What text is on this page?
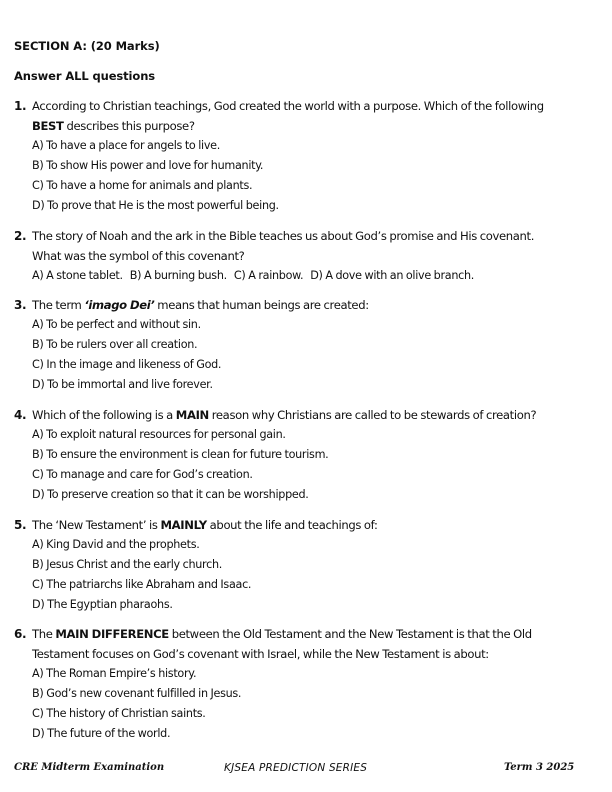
SECTION A: (20 Marks)
Answer ALL questions
1. According to Christian teachings, God created the world with a purpose. Which of the following
BEST describes this purpose?
A) To have a place for angels to live.
B) To show His power and love for humanity.
C) To have a home for animals and plants.
D) To prove that He is the most powerful being.
2. The story of Noah and the ark in the Bible teaches us about God’s promise and His covenant.
What was the symbol of this covenant?
A) A stone tablet. B) A burning bush. C) A rainbow. D) A dove with an olive branch.
3. The term ‘imago Dei’ means that human beings are created:
A) To be perfect and without sin.
B) To be rulers over all creation.
C) In the image and likeness of God.
D) To be immortal and live forever.
4. Which of the following is a MAIN reason why Christians are called to be stewards of creation?
A) To exploit natural resources for personal gain.
B) To ensure the environment is clean for future tourism.
C) To manage and care for God’s creation.
D) To preserve creation so that it can be worshipped.
5. The ‘New Testament’ is MAINLY about the life and teachings of:
A) King David and the prophets.
B) Jesus Christ and the early church.
C) The patriarchs like Abraham and Isaac.
D) The Egyptian pharaohs.
6. The MAIN DIFFERENCE between the Old Testament and the New Testament is that the Old
Testament focuses on God’s covenant with Israel, while the New Testament is about:
A) The Roman Empire’s history.
B) God’s new covenant fulfilled in Jesus.
C) The history of Christian saints.
D) The future of the world.
CRE Midterm Examination	KJSEA PREDICTION SERIES	Term 3 2025
